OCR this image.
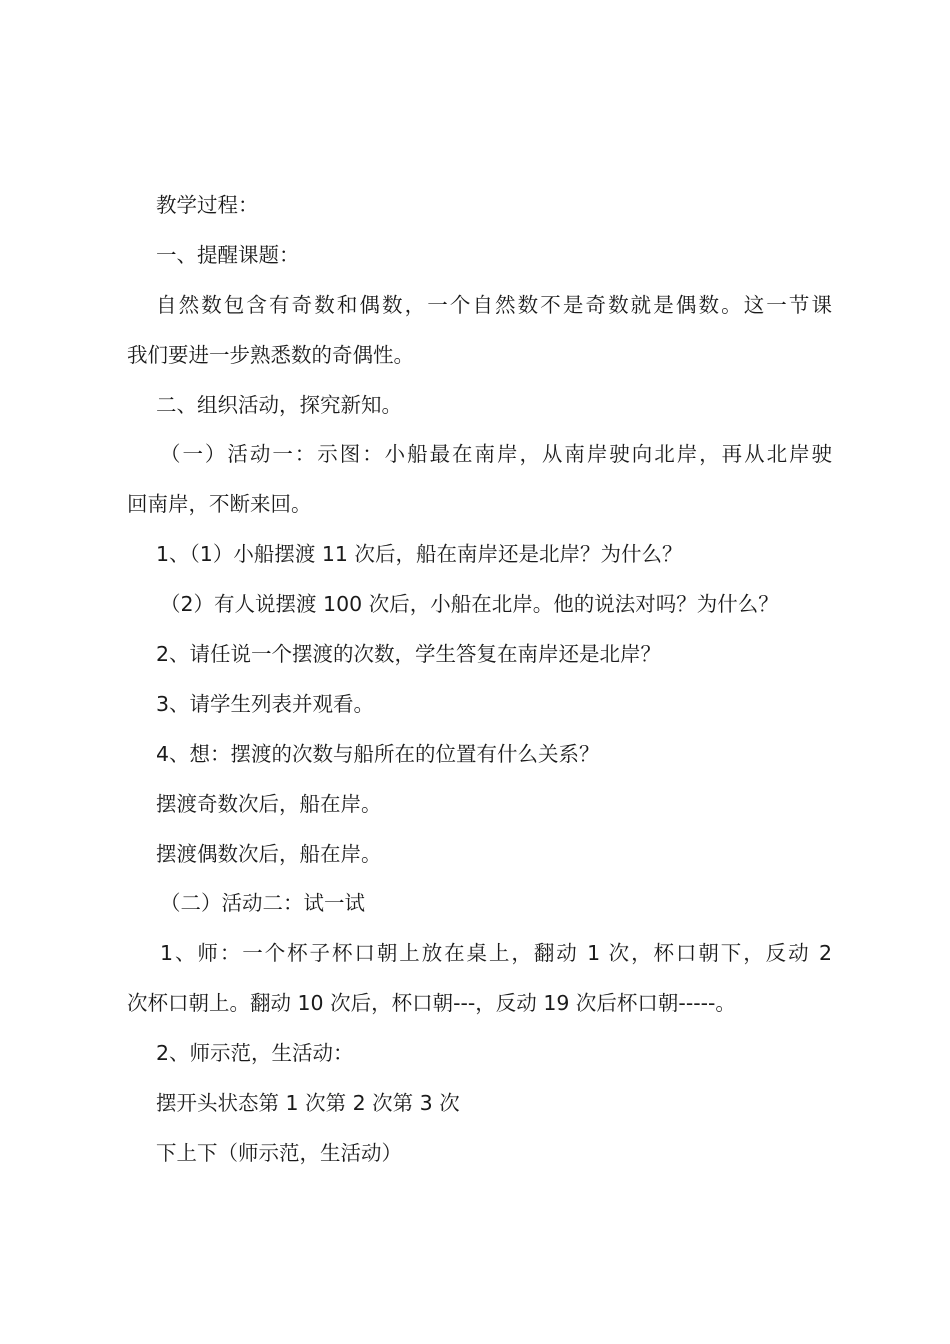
教学过程：
一、提醒课题：
自然数包含有奇数和偶数，一个自然数不是奇数就是偶数。这一节课
我们要进一步熟悉数的奇偶性。
二、组织活动，探究新知。
（一）活动一：示图：小船最在南岸，从南岸驶向北岸，再从北岸驶
回南岸，不断来回。
1、（1）小船摆渡 11 次后，船在南岸还是北岸？为什么？
（2）有人说摆渡 100 次后，小船在北岸。他的说法对吗？为什么？
2、请任说一个摆渡的次数，学生答复在南岸还是北岸？
3、请学生列表并观看。
4、想：摆渡的次数与船所在的位置有什么关系？
摆渡奇数次后，船在岸。
摆渡偶数次后，船在岸。
（二）活动二：试一试
1、师：一个杯子杯口朝上放在桌上，翻动 1 次，杯口朝下，反动 2
次杯口朝上。翻动 10 次后，杯口朝---，反动 19 次后杯口朝-----。
2、师示范，生活动：
摆开头状态第 1 次第 2 次第 3 次
下上下（师示范，生活动）
